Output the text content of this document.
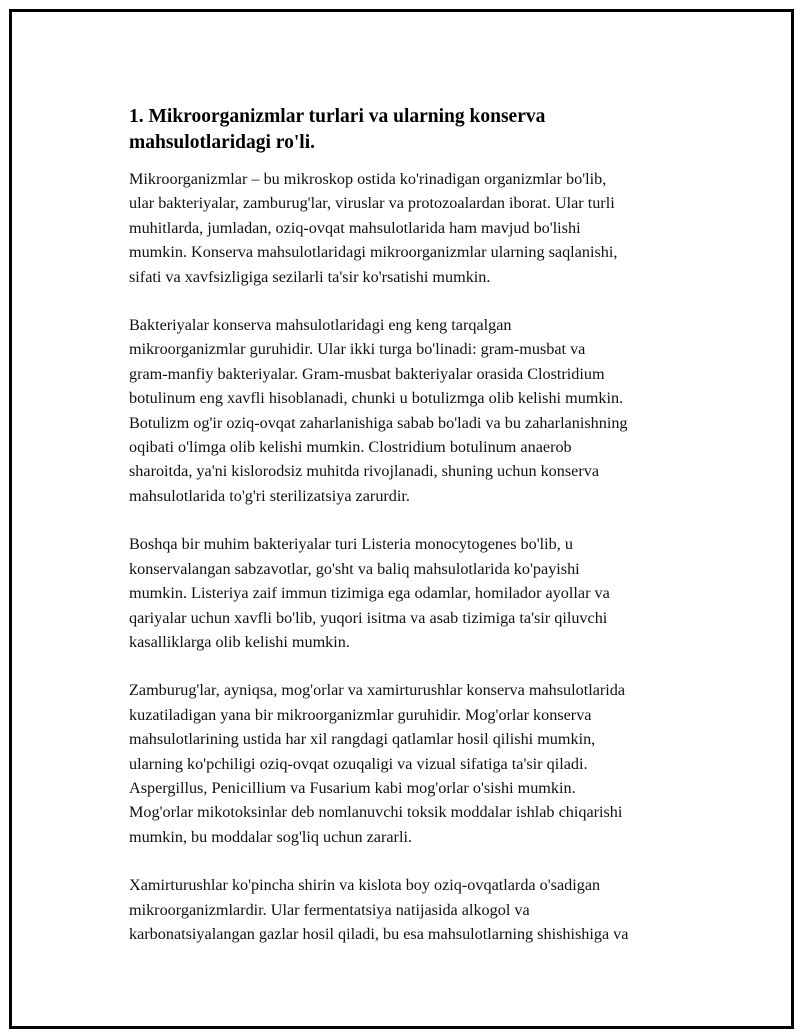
1. Mikroorganizmlar turlari va ularning konserva
mahsulotlaridagi ro'li.

Mikroorganizmlar – bu mikroskop ostida ko'rinadigan organizmlar bo'lib,
ular bakteriyalar, zamburug'lar, viruslar va protozoalardan iborat. Ular turli
muhitlarda, jumladan, oziq-ovqat mahsulotlarida ham mavjud bo'lishi
mumkin. Konserva mahsulotlaridagi mikroorganizmlar ularning saqlanishi,
sifati va xavfsizligiga sezilarli ta'sir ko'rsatishi mumkin.

Bakteriyalar konserva mahsulotlaridagi eng keng tarqalgan
mikroorganizmlar guruhidir. Ular ikki turga bo'linadi: gram-musbat va
gram-manfiy bakteriyalar. Gram-musbat bakteriyalar orasida Clostridium
botulinum eng xavfli hisoblanadi, chunki u botulizmga olib kelishi mumkin.
Botulizm og'ir oziq-ovqat zaharlanishiga sabab bo'ladi va bu zaharlanishning
oqibati o'limga olib kelishi mumkin. Clostridium botulinum anaerob
sharoitda, ya'ni kislorodsiz muhitda rivojlanadi, shuning uchun konserva
mahsulotlarida to'g'ri sterilizatsiya zarurdir.

Boshqa bir muhim bakteriyalar turi Listeria monocytogenes bo'lib, u
konservalangan sabzavotlar, go'sht va baliq mahsulotlarida ko'payishi
mumkin. Listeriya zaif immun tizimiga ega odamlar, homilador ayollar va
qariyalar uchun xavfli bo'lib, yuqori isitma va asab tizimiga ta'sir qiluvchi
kasalliklarga olib kelishi mumkin.

Zamburug'lar, ayniqsa, mog'orlar va xamirturushlar konserva mahsulotlarida
kuzatiladigan yana bir mikroorganizmlar guruhidir. Mog'orlar konserva
mahsulotlarining ustida har xil rangdagi qatlamlar hosil qilishi mumkin,
ularning ko'pchiligi oziq-ovqat ozuqaligi va vizual sifatiga ta'sir qiladi.
Aspergillus, Penicillium va Fusarium kabi mog'orlar o'sishi mumkin.
Mog'orlar mikotoksinlar deb nomlanuvchi toksik moddalar ishlab chiqarishi
mumkin, bu moddalar sog'liq uchun zararli.

Xamirturushlar ko'pincha shirin va kislota boy oziq-ovqatlarda o'sadigan
mikroorganizmlardir. Ular fermentatsiya natijasida alkogol va
karbonatsiyalangan gazlar hosil qiladi, bu esa mahsulotlarning shishishiga va
